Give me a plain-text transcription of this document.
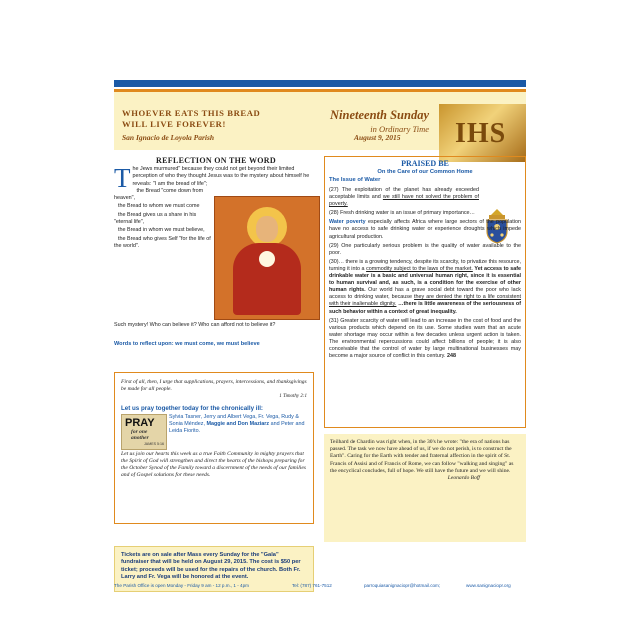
WHOEVER EATS THIS BREAD
WILL LIVE FOREVER!
Nineteenth Sunday
in Ordinary Time IHS
San Ignacio de Loyola Parish	August 9, 2015
REFLECTION ON THE WORD
T he Jews murmured" because they could not get beyond their limited perception of who they thought Jesus was to the mystery about himself he reveals: "I am the bread of life";

the Bread "come down from heaven",

the Bread to whom we must come

the Bread gives us a share in his "eternal life",

the Bread in whom we must believe,

the Bread who gives Self "for the life of the world".

Such mystery! Who can believe it? Who can afford not to believe it?
Words to reflect upon: we must come, we must believe
First of all, then, I urge that supplications, prayers, intercessions, and thanksgivings be made for all people.
1 Timothy 2:1
Let us pray together today for the chronically ill:
PRAY
for one another
JAMES 5:16
Sylvia Tasner, Jerry and Albert Vega, Fr. Vega, Rudy & Sonia Méndez, Maggie and Don Maziarz and Peter and Leida Fiorito.
Let us join our hearts this week as a true Faith Community in mighty prayers that the Spirit of God will strengthen and direct the hearts of the bishops preparing for the October Synod of the Family toward a discernment of the needs of our families and of Gospel solutions for these needs.

Tickets are on sale after Mass every Sunday for the "Gala" fundraiser that will be held on August 29, 2015. The cost is $50 per ticket; proceeds will be used for the repairs of the church. Both Fr. Larry and Fr. Vega will be honored at the event.

PRAISED BE
On the Care of our Common Home
The Issue of Water

(27) The exploitation of the planet has already exceeded acceptable limits and we still have not solved the problem of poverty.

(28) Fresh drinking water is an issue of primary importance…

Water poverty especially affects Africa where large sectors of the population have no access to safe drinking water or experience droughts which impede agricultural production.

(29) One particularly serious problem is the quality of water available to the poor.

(30)… there is a growing tendency, despite its scarcity, to privatize this resource, turning it into a commodity subject to the laws of the market. Yet access to safe drinkable water is a basic and universal human right, since it is essential to human survival and, as such, is a condition for the exercise of other human rights. Our world has a grave social debt toward the poor who lack access to drinking water, because they are denied the right to a life consistent with their inalienable dignity. …there is little awareness of the seriousness of such behavior within a context of great inequality.

(31) Greater scarcity of water will lead to an increase in the cost of food and the various products which depend on its use. Some studies warn that an acute water shortage may occur within a few decades unless urgent action is taken. The environmental repercussions could affect billions of people; it is also conceivable that the control of water by large multinational businesses may become a major source of conflict in this century. 248

Teilhard de Chardin was right when, in the 30's he wrote: "the era of nations has passed. The task we now have ahead of us, if we do not perish, is to construct the Earth". Caring for the Earth with tender and fraternal affection in the spirit of St. Francis of Assisi and of Francis of Rome, we can follow "walking and singing" as the encyclical concludes, full of hope. We still have the future and we will shine.
Leonardo Boff

The Parish Office is open Monday - Friday 9 am - 12 p.m., 1 - 4pm	Tel: (787) 761-7512	parroquiasanignaciopr@hotmail.com;	www.sanignaciopr.org
